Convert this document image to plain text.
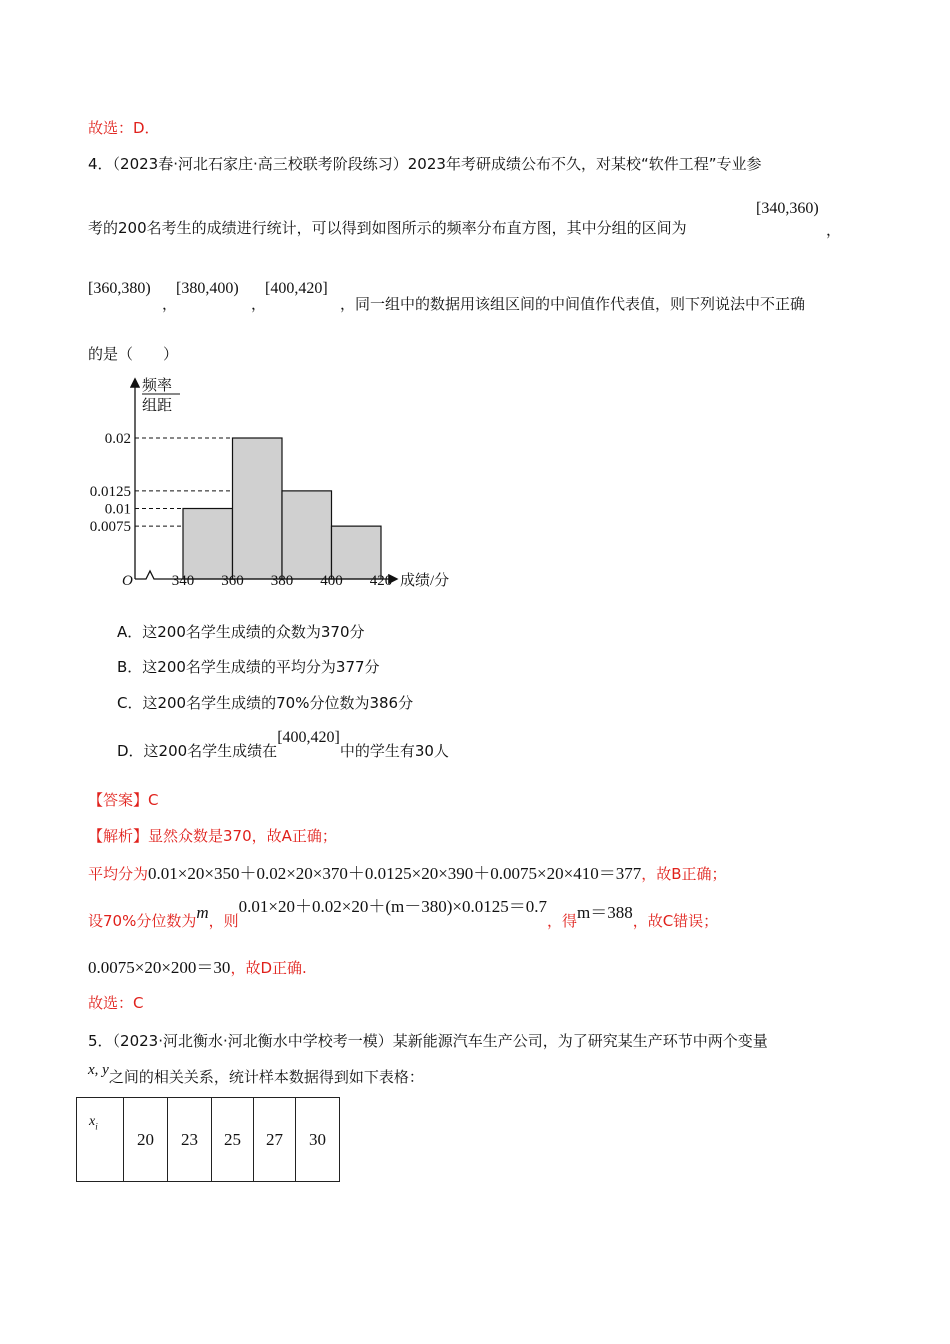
故选：D．
4．（2023春·河北石家庄·高三校联考阶段练习）2023年考研成绩公布不久，对某校“软件工程”专业参
考的200名考生的成绩进行统计，可以得到如图所示的频率分布直方图，其中分组的区间为
[340,360)
，
[360,380)
，
[380,400)
，
[400,420]
，同一组中的数据用该组区间的中间值作代表值，则下列说法中不正确
的是（　　）
频率
组距
O	成绩/分
340 360 380 400 420
0.02
0.0125
0.01
0.0075
A．这200名学生成绩的众数为370分
B．这200名学生成绩的平均分为377分
C．这200名学生成绩的70%分位数为386分
D．这200名学生成绩在[400,420]中的学生有30人
【答案】C
【解析】显然众数是370，故A正确；
平均分为0.01×20×350＋0.02×20×370＋0.0125×20×390＋0.0075×20×410＝377，故B正确；
设70%分位数为m，则0.01×20＋0.02×20＋(m－380)×0.0125＝0.7，得m＝388，故C错误；
0.0075×20×200＝30，故D正确.
故选：C
5．（2023·河北衡水·河北衡水中学校考一模）某新能源汽车生产公司，为了研究某生产环节中两个变量
x, y之间的相关关系，统计样本数据得到如下表格：
$x_i$	20	23	25	27	30
